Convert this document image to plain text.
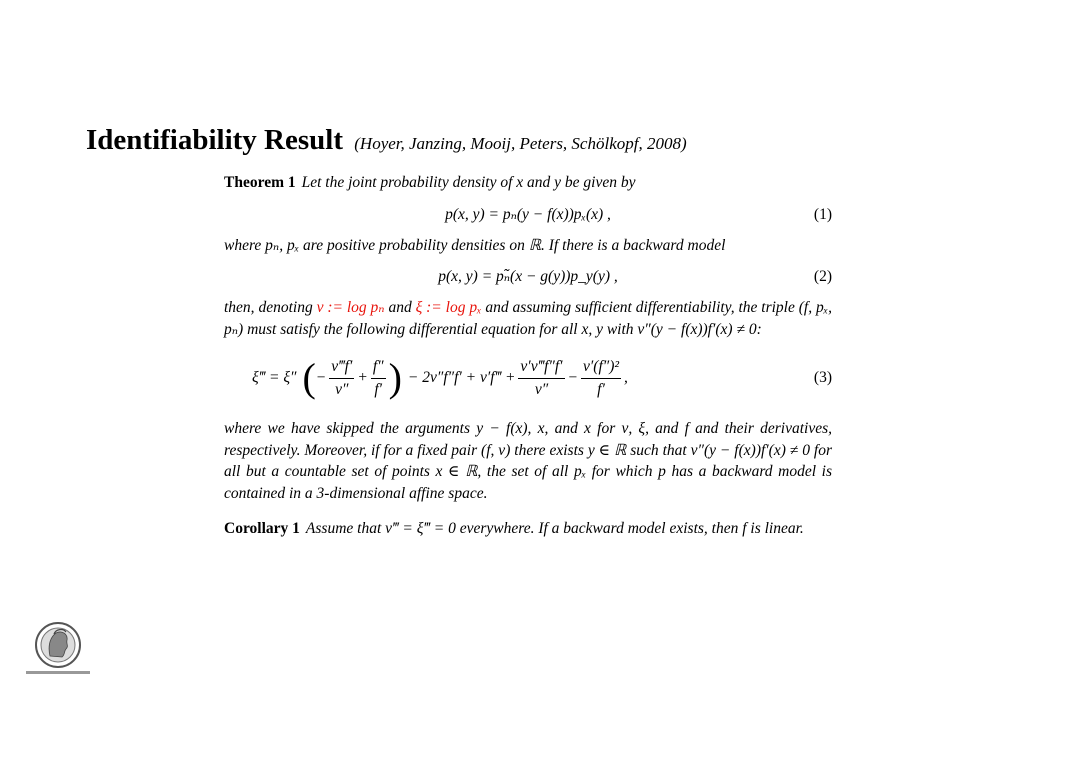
Identifiability Result (Hoyer, Janzing, Mooij, Peters, Schölkopf, 2008)

Theorem 1 Let the joint probability density of x and y be given by

p(x, y) = pₙ(y − f(x))pₓ(x) ,	(1)

where pₙ, pₓ are positive probability densities on ℝ. If there is a backward model

p(x, y) = pₙ̃(x − g(y))p_y(y) ,	(2)

then, denoting ν := log pₙ and ξ := log pₓ and assuming sufficient differentiability, the triple (f, pₓ, pₙ) must satisfy the following differential equation for all x, y with ν″(y − f(x))f′(x) ≠ 0:

ξ‴ = ξ″ ( − $\frac{\nu‴f'}{\nu''} + \frac{f''}{f'}$ ) − 2ν″f″f′ + ν′f‴ + $\frac{\nu'\nu‴f''f'}{\nu''} - \frac{\text{ν′(f″)²}}{f'}$ ,	(3)

where we have skipped the arguments y − f(x), x, and x for ν, ξ, and f and their derivatives, respectively. Moreover, if for a fixed pair (f, ν) there exists y ∈ ℝ such that ν″(y − f(x))f′(x) ≠ 0 for all but a countable set of points x ∈ ℝ, the set of all pₓ for which p has a backward model is contained in a 3-dimensional affine space.

Corollary 1 Assume that ν‴ = ξ‴ = 0 everywhere. If a backward model exists, then f is linear.
